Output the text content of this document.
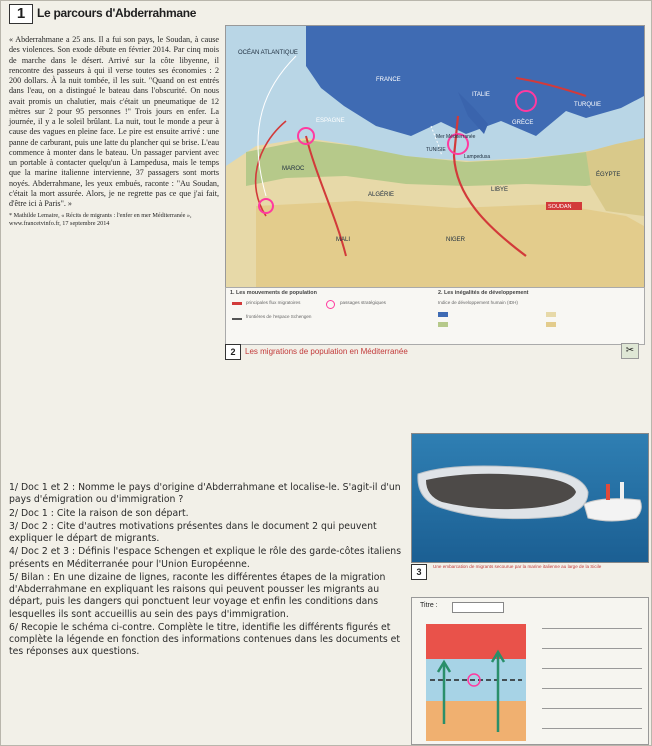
1 Le parcours d'Abderrahmane
« Abderrahmane a 25 ans. Il a fui son pays, le Soudan, à cause des violences. Son exode débute en février 2014. Par cinq mois de marche dans le désert. Arrivé sur la côte libyenne, il rencontre des passeurs à qui il verse toutes ses économies : 2 200 dollars. À la nuit tombée, il les suit. "Quand on est entrés dans l'eau, on a distingué le bateau dans l'obscurité. On nous avait promis un chalutier, mais c'était un pneumatique de 12 mètres sur 2 pour 95 personnes !" Trois jours en enfer. La journée, il y a le soleil brûlant. La nuit, tout le monde a peur à cause des vagues en pleine face. Le pire est ensuite arrivé : une panne de carburant, puis une latte du plancher qui se brise. L'eau commence à monter dans le bateau. Un passager parvient avec un portable à contacter quelqu'un à Lampedusa, mais le temps que la marine italienne intervienne, 37 passagers sont morts noyés. Abderrahmane, les yeux embués, raconte : "Au Soudan, c'était la mort assurée. Alors, je ne regrette pas ce que j'ai fait, d'être ici à Paris". »
* Mathilde Lemaire, « Récits de migrants : l'enfer en mer Méditerranée », www.francetvinfo.fr, 17 septembre 2014
OCÉAN ATLANTIQUE
ESPAGNE
FRANCE
ITALIE
GRÈCE
TURQUIE
MAROC
ALGÉRIE
LIBYE
ÉGYPTE
TUNISIE
MALI	NIGER
SOUDAN
Mer Méditerranée
Lampedusa
1. Les mouvements de population	2. Les inégalités de développement
principales flux migratoires
frontières de l'espace Schengen
passages stratégiques	Indice de développement humain (IDH)
2	Les migrations de population en Méditerranée	✂
3
Une embarcation de migrants secourue par la marine italienne au large de la Sicile

1/ Doc 1 et 2 : Nomme le pays d'origine d'Abderrahmane et localise-le. S'agit-il d'un pays d'émigration ou d'immigration ?

2/ Doc 1 : Cite la raison de son départ.

3/ Doc 2 : Cite d'autres motivations présentes dans le document 2 qui peuvent expliquer le départ de migrants.

4/ Doc 2 et 3 : Définis l'espace Schengen et explique le rôle des garde-côtes italiens présents en Méditerranée pour l'Union Européenne.

5/ Bilan : En une dizaine de lignes, raconte les différentes étapes de la migration d'Abderrahmane en expliquant les raisons qui peuvent pousser les migrants au départ, puis les dangers qui ponctuent leur voyage et enfin les conditions dans lesquelles ils sont accueillis au sein des pays d'immigration.

6/ Recopie le schéma ci-contre. Complète le titre, identifie les différents figurés et complète la légende en fonction des informations contenues dans les documents et tes réponses aux questions.

Titre :
